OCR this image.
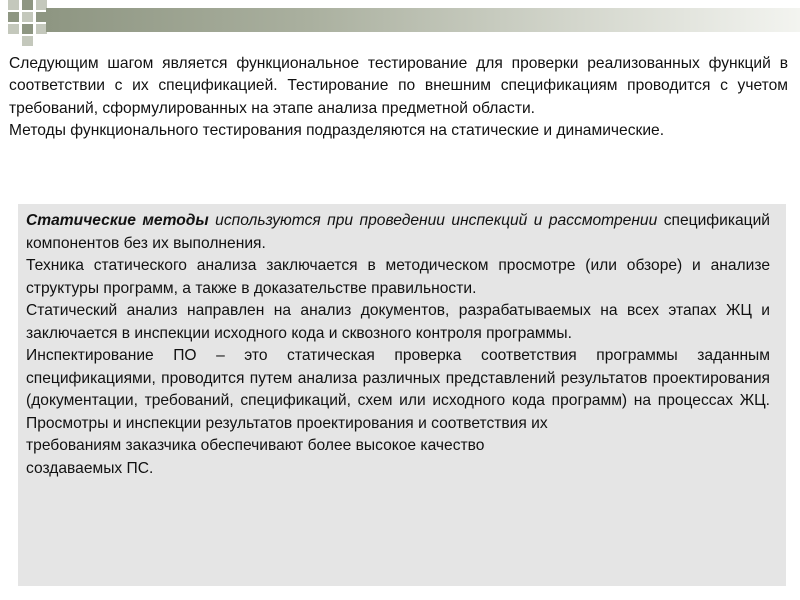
Следующим шагом является функциональное тестирование для проверки реализованных функций в соответствии с их спецификацией. Тестирование по внешним спецификациям проводится с учетом требований, сформулированных на этапе анализа предметной области.

Методы функционального тестирования подразделяются на статические и динамические.

Статические методы используются при проведении инспекций и рассмотрении спецификаций компонентов без их выполнения.

Техника статического анализа заключается в методическом просмотре (или обзоре) и анализе структуры программ, а также в доказательстве правильности.

Статический анализ направлен на анализ документов, разрабатываемых на всех этапах ЖЦ и заключается в инспекции исходного кода и сквозного контроля программы.

Инспектирование ПО – это статическая проверка соответствия программы заданным спецификациями, проводится путем анализа различных представлений результатов проектирования (документации, требований, спецификаций, схем или исходного кода программ) на процессах ЖЦ. Просмотры и инспекции результатов проектирования и соответствия их

требованиям заказчика обеспечивают более высокое качество

создаваемых ПС.
